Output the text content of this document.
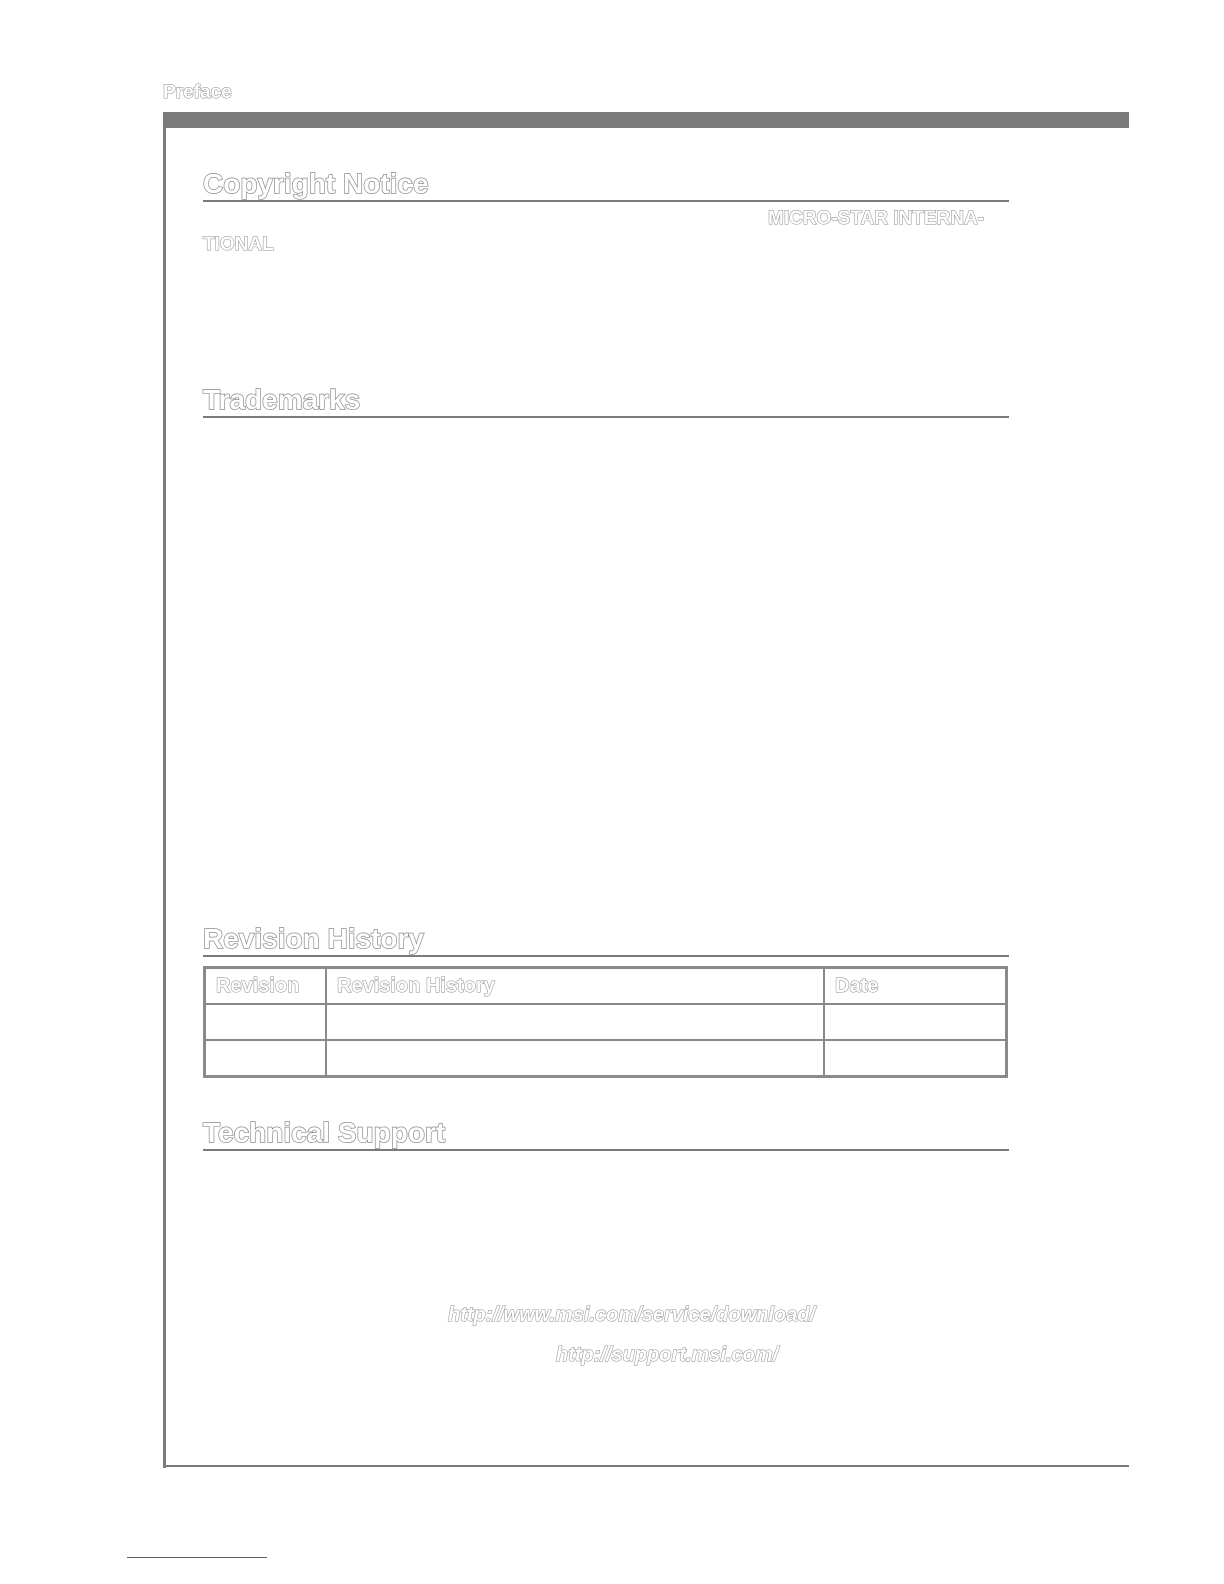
Preface
Copyright Notice
MICRO-STAR INTERNA-
TIONAL
Trademarks
Revision History
Revision	Revision History	Date

Technical Support
http://www.msi.com/service/download/
http://support.msi.com/
